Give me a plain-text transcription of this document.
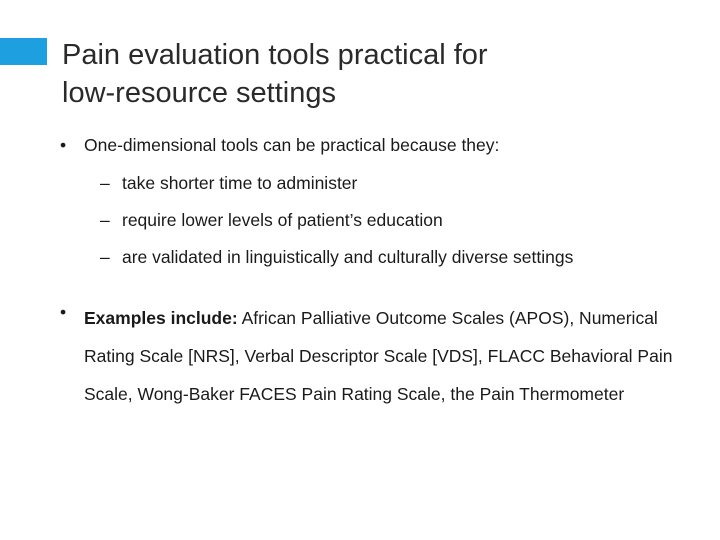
Pain evaluation tools practical for
low-resource settings
• One-dimensional tools can be practical because they:
– take shorter time to administer
– require lower levels of patient’s education
– are validated in linguistically and culturally diverse settings
• Examples include: African Palliative Outcome Scales (APOS), Numerical Rating Scale [NRS], Verbal Descriptor Scale [VDS], FLACC Behavioral Pain Scale, Wong-Baker FACES Pain Rating Scale, the Pain Thermometer
